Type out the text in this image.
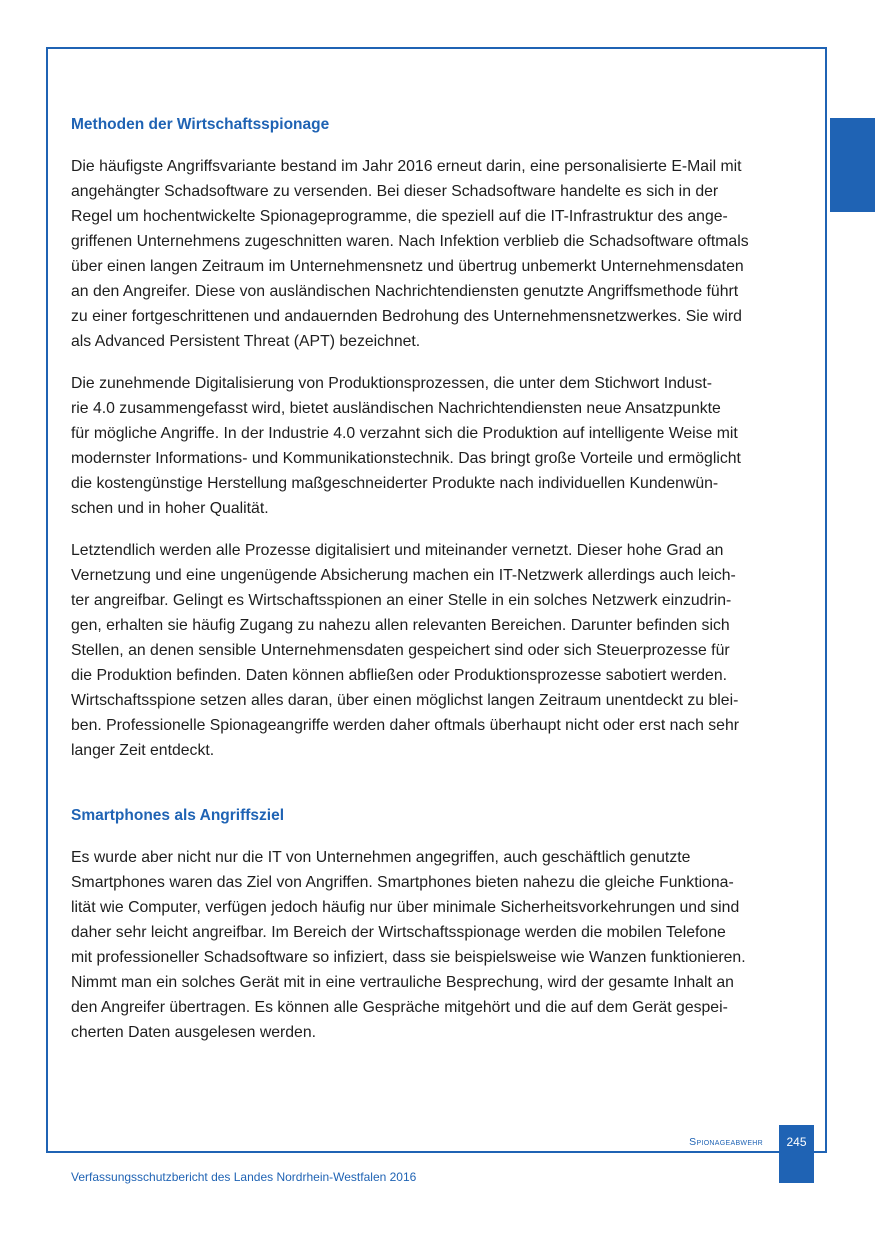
Methoden der Wirtschaftsspionage

Die häufigste Angriffsvariante bestand im Jahr 2016 erneut darin, eine personalisierte E-Mail mit
angehängter Schadsoftware zu versenden. Bei dieser Schadsoftware handelte es sich in der
Regel um hochentwickelte Spionageprogramme, die speziell auf die IT-Infrastruktur des ange-
griffenen Unternehmens zugeschnitten waren. Nach Infektion verblieb die Schadsoftware oftmals
über einen langen Zeitraum im Unternehmensnetz und übertrug unbemerkt Unternehmensdaten
an den Angreifer. Diese von ausländischen Nachrichtendiensten genutzte Angriffsmethode führt
zu einer fortgeschrittenen und andauernden Bedrohung des Unternehmensnetzwerkes. Sie wird
als Advanced Persistent Threat (APT) bezeichnet.

Die zunehmende Digitalisierung von Produktionsprozessen, die unter dem Stichwort Indust-
rie 4.0 zusammengefasst wird, bietet ausländischen Nachrichtendiensten neue Ansatzpunkte
für mögliche Angriffe. In der Industrie 4.0 verzahnt sich die Produktion auf intelligente Weise mit
modernster Informations- und Kommunikationstechnik. Das bringt große Vorteile und ermöglicht
die kostengünstige Herstellung maßgeschneiderter Produkte nach individuellen Kundenwün-
schen und in hoher Qualität.

Letztendlich werden alle Prozesse digitalisiert und miteinander vernetzt. Dieser hohe Grad an
Vernetzung und eine ungenügende Absicherung machen ein IT-Netzwerk allerdings auch leich-
ter angreifbar. Gelingt es Wirtschaftsspionen an einer Stelle in ein solches Netzwerk einzudrin-
gen, erhalten sie häufig Zugang zu nahezu allen relevanten Bereichen. Darunter befinden sich
Stellen, an denen sensible Unternehmensdaten gespeichert sind oder sich Steuerprozesse für
die Produktion befinden. Daten können abfließen oder Produktionsprozesse sabotiert werden.
Wirtschaftsspione setzen alles daran, über einen möglichst langen Zeitraum unentdeckt zu blei-
ben. Professionelle Spionageangriffe werden daher oftmals überhaupt nicht oder erst nach sehr
langer Zeit entdeckt.

Smartphones als Angriffsziel

Es wurde aber nicht nur die IT von Unternehmen angegriffen, auch geschäftlich genutzte
Smartphones waren das Ziel von Angriffen. Smartphones bieten nahezu die gleiche Funktiona-
lität wie Computer, verfügen jedoch häufig nur über minimale Sicherheitsvorkehrungen und sind
daher sehr leicht angreifbar. Im Bereich der Wirtschaftsspionage werden die mobilen Telefone
mit professioneller Schadsoftware so infiziert, dass sie beispielsweise wie Wanzen funktionieren.
Nimmt man ein solches Gerät mit in eine vertrauliche Besprechung, wird der gesamte Inhalt an
den Angreifer übertragen. Es können alle Gespräche mitgehört und die auf dem Gerät gespei-
cherten Daten ausgelesen werden.

Spionageabwehr	245
Verfassungsschutzbericht des Landes Nordrhein-Westfalen 2016
